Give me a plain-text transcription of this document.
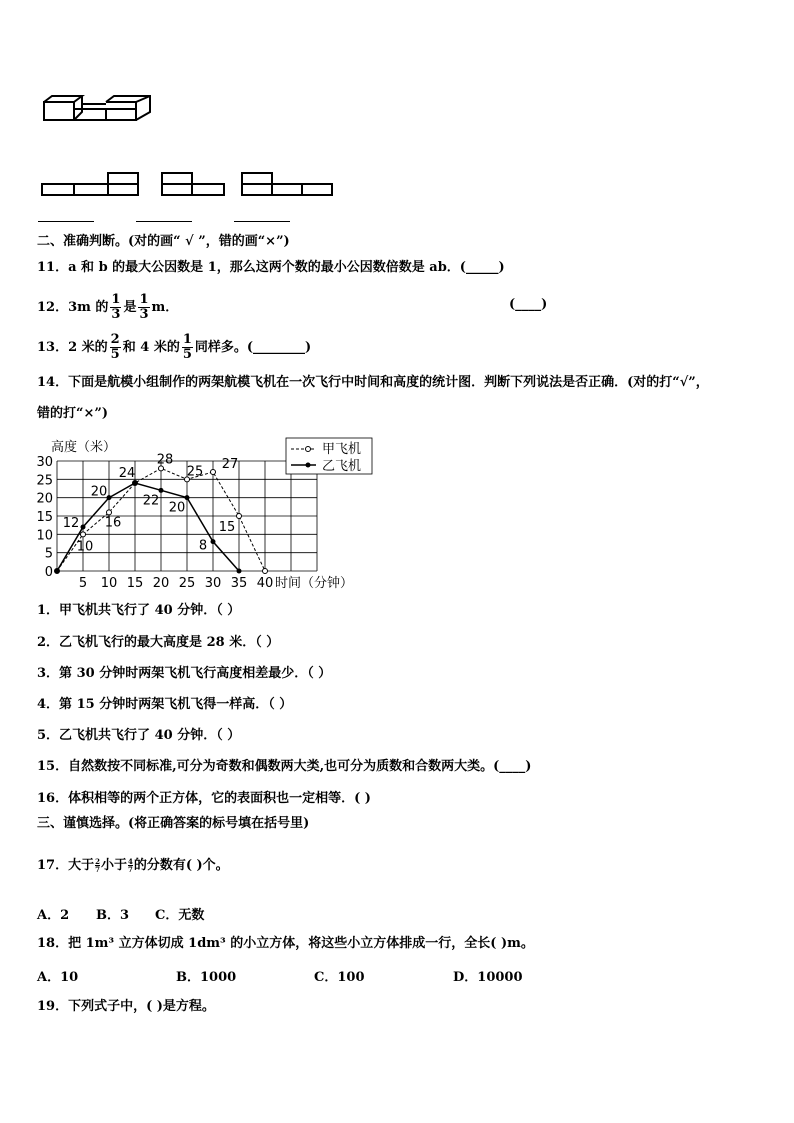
二、准确判断。(对的画“ √ ”，错的画“×”)
11．a 和 b 的最大公因数是 1，那么这两个数的最小公因数倍数是 ab．(_____)
12．3m 的 $\frac{1}{3}$ 是 $\frac{1}{3}$ m．	(____)
13．2 米的 $\frac{2}{5}$ 和 4 米的 $\frac{1}{5}$ 同样多。(________)
14．下面是航模小组制作的两架航模飞机在一次飞行中时间和高度的统计图．判断下列说法是否正确．(对的打“√”，
错的打“×”)
0
5
10
15
20
25
30
5 10 15 20 25 30 35 40 时间（分钟）
高度（米）
10
16
24
28
25 27
15
12
20
22 20
8
甲飞机
乙飞机
1．甲飞机共飞行了 40 分钟．（ ）
2．乙飞机飞行的最大高度是 28 米．（ ）
3．第 30 分钟时两架飞机飞行高度相差最少．（ ）
4．第 15 分钟时两架飞机飞得一样高．（ ）
5．乙飞机共飞行了 40 分钟．（ ）
15．自然数按不同标准,可分为奇数和偶数两大类,也可分为质数和合数两大类。(____)
16．体积相等的两个正方体，它的表面积也一定相等．( )
三、谨慎选择。(将正确答案的标号填在括号里)
17．大于 $\frac{2}{7}$ 小于 $\frac{4}{7}$ 的分数有( )个。
A．2 B．3 C．无数
18．把 1m³ 立方体切成 1dm³ 的小立方体，将这些小立方体排成一行，全长( )m。
A．10	B．1000	C．100	D．10000
19．下列式子中，( )是方程。
